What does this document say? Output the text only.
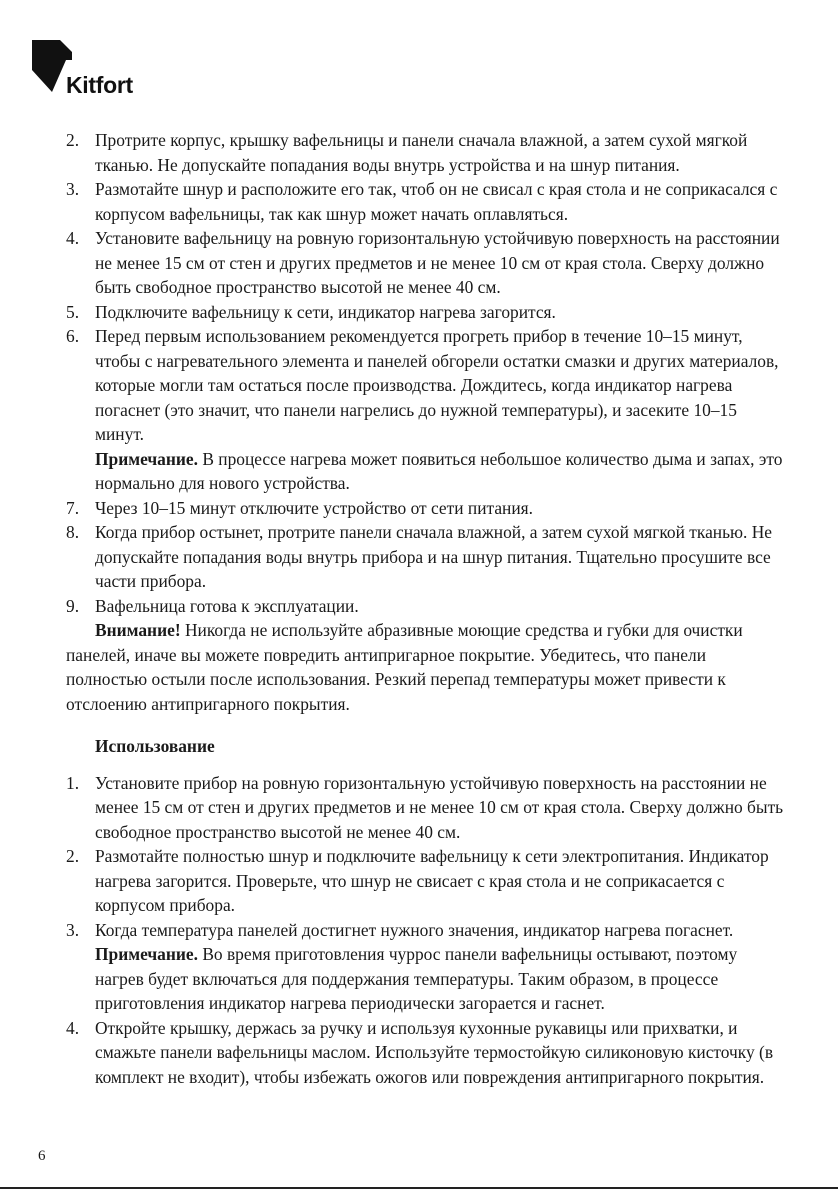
Kitfort
2. Протрите корпус, крышку вафельницы и панели сначала влажной, а затем сухой мягкой тканью. Не допускайте попадания воды внутрь устройства и на шнур питания.
3. Размотайте шнур и расположите его так, чтоб он не свисал с края стола и не соприкасался с корпусом вафельницы, так как шнур может начать оплавляться.
4. Установите вафельницу на ровную горизонтальную устойчивую поверхность на расстоянии не менее 15 см от стен и других предметов и не менее 10 см от края стола. Сверху должно быть свободное пространство высотой не менее 40 см.
5. Подключите вафельницу к сети, индикатор нагрева загорится.
6. Перед первым использованием рекомендуется прогреть прибор в течение 10–15 минут, чтобы с нагревательного элемента и панелей обгорели остатки смазки и других материалов, которые могли там остаться после производства. Дождитесь, когда индикатор нагрева погаснет (это значит, что панели нагрелись до нужной температуры), и засеките 10–15 минут.
Примечание. В процессе нагрева может появиться небольшое количество дыма и запах, это нормально для нового устройства.
7. Через 10–15 минут отключите устройство от сети питания.
8. Когда прибор остынет, протрите панели сначала влажной, а затем сухой мягкой тканью. Не допускайте попадания воды внутрь прибора и на шнур питания. Тщательно просушите все части прибора.
9. Вафельница готова к эксплуатации.

Внимание! Никогда не используйте абразивные моющие средства и губки для очистки панелей, иначе вы можете повредить антипригарное покрытие. Убедитесь, что панели полностью остыли после использования. Резкий перепад температуры может привести к отслоению антипригарного покрытия.

Использование
1. Установите прибор на ровную горизонтальную устойчивую поверхность на расстоянии не менее 15 см от стен и других предметов и не менее 10 см от края стола. Сверху должно быть свободное пространство высотой не менее 40 см.
2. Размотайте полностью шнур и подключите вафельницу к сети электропитания. Индикатор нагрева загорится. Проверьте, что шнур не свисает с края стола и не соприкасается с корпусом прибора.
3. Когда температура панелей достигнет нужного значения, индикатор нагрева погаснет.
Примечание. Во время приготовления чуррос панели вафельницы остывают, поэтому нагрев будет включаться для поддержания температуры. Таким образом, в процессе приготовления индикатор нагрева периодически загорается и гаснет.
4. Откройте крышку, держась за ручку и используя кухонные рукавицы или прихватки, и смажьте панели вафельницы маслом. Используйте термостойкую силиконовую кисточку (в комплект не входит), чтобы избежать ожогов или повреждения антипригарного покрытия.
6
